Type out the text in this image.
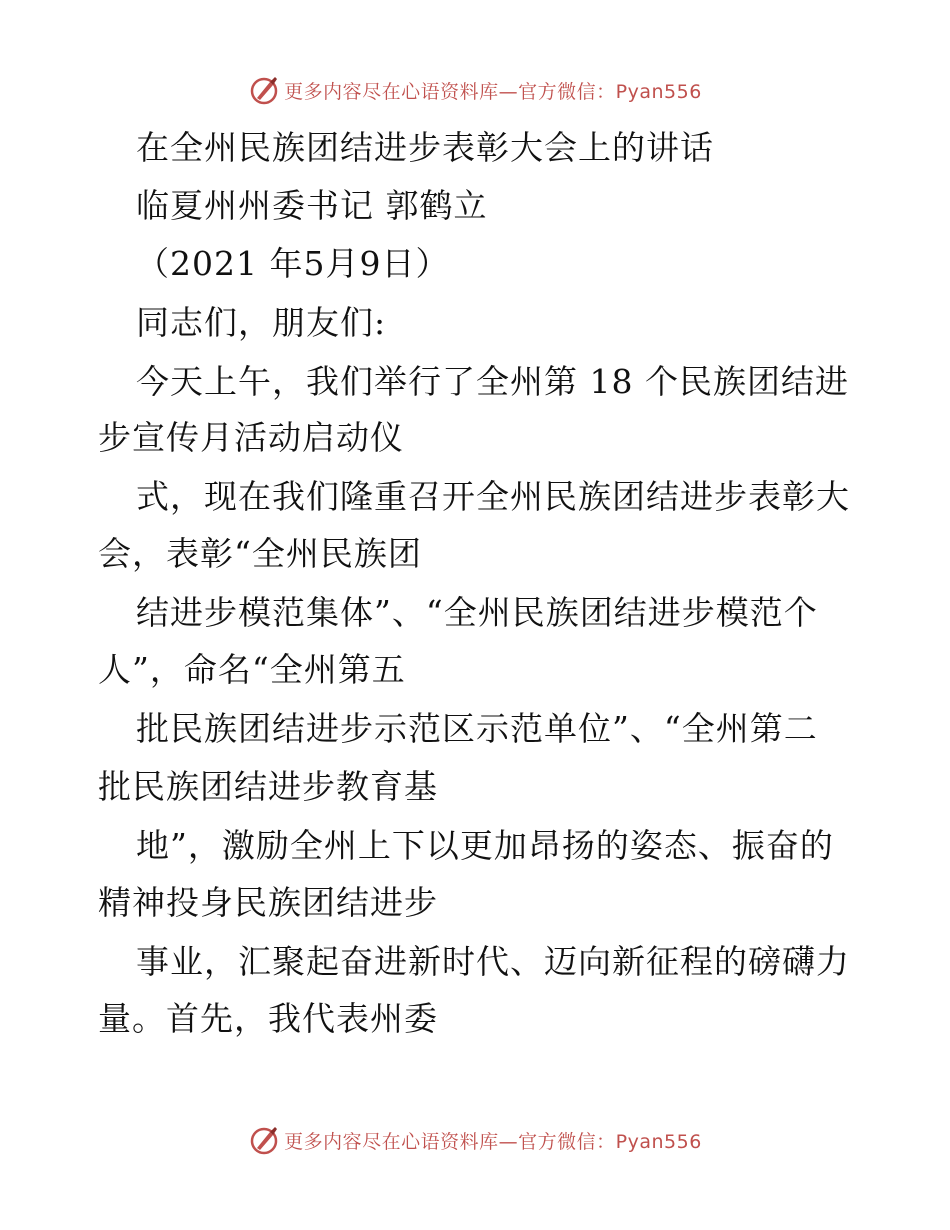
更多内容尽在心语资料库—官方微信：Pyan556
在全州民族团结进步表彰大会上的讲话
临夏州州委书记 郭鹤立
（2021 年5月9日）
同志们，朋友们:
今天上午，我们举行了全州第 18 个民族团结进
步宣传月活动启动仪
式，现在我们隆重召开全州民族团结进步表彰大
会，表彰“全州民族团
结进步模范集体”、“全州民族团结进步模范个
人”，命名“全州第五
批民族团结进步示范区示范单位”、“全州第二
批民族团结进步教育基
地”，激励全州上下以更加昂扬的姿态、振奋的
精神投身民族团结进步
事业，汇聚起奋进新时代、迈向新征程的磅礴力
量。首先，我代表州委
更多内容尽在心语资料库—官方微信：Pyan556
